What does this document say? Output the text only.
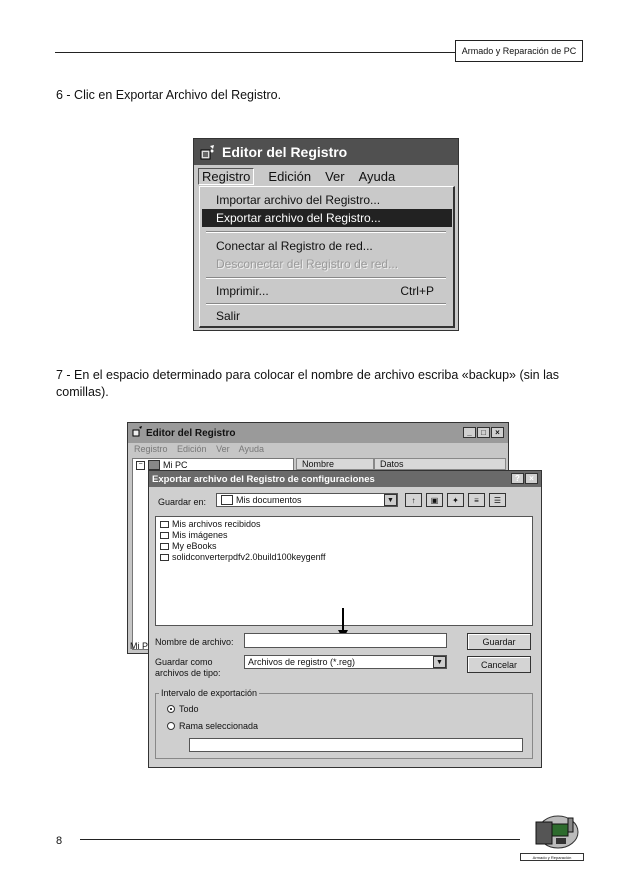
Armado y Reparación de PC
6 - Clic en Exportar Archivo del Registro.
Editor del Registro
Registro	Edición Ver Ayuda
Importar archivo del Registro...
Exportar archivo del Registro...
Conectar al Registro de red...
Desconectar del Registro de red...
Imprimir...	Ctrl+P
Salir
7 - En el espacio determinado para colocar el nombre de archivo escriba «backup» (sin las comillas).
Editor del Registro	_	□	×
Registro Edición Ver Ayuda
− Mi PC	Nombre	Datos
Mi P
Exportar archivo del Registro de configuraciones	?	×
Guardar en:	Mis documentos	▼	↑	▣	✦	≡	☰
Mis archivos recibidos
Mis imágenes
My eBooks
solidconverterpdfv2.0build100keygenff
Nombre de archivo:	Guardar
Guardar como
archivos de tipo:
Archivos de registro (*.reg)	▼	Cancelar
Intervalo de exportación
Todo
Rama seleccionada
8
Armado y Reparación
